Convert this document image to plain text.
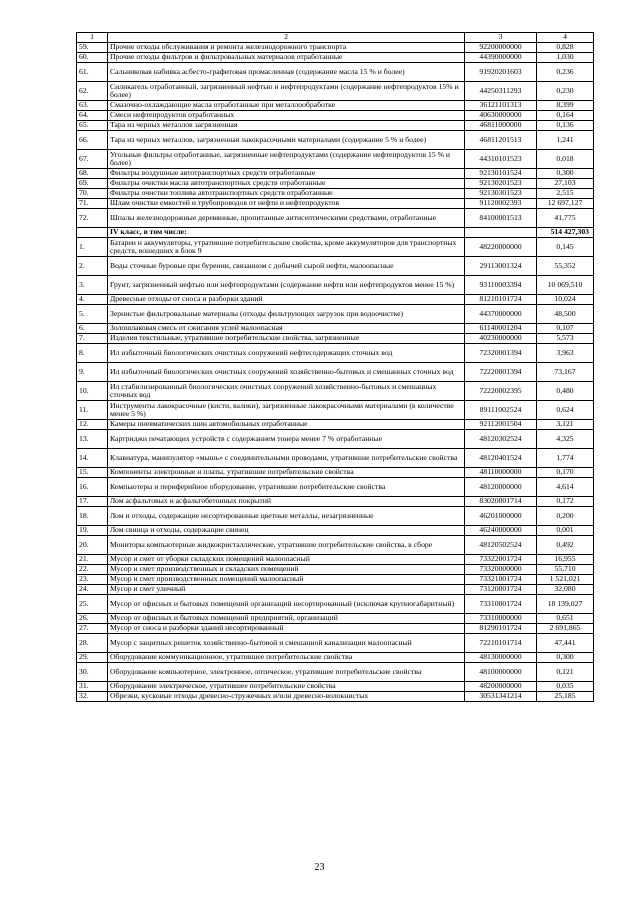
1	2	3	4
59.	Прочие отходы обслуживания и ремонта железнодорожного транспорта	92200000000	0,828
60.	Прочие отходы фильтров и фильтровальных материалов отработанные	44390000000	1,030
61.	Сальниковая набивка асбесто-графитовая промасленная (содержание масла 15 % и более)	91920201603	0,236
62.	Силикагель отработанный, загрязненный нефтью и нефтепродуктами (содержание нефтепродуктов 15% и более)	44250311293	0,230
63.	Смазочно-охлаждающие масла отработанные при металлообработке	36121101313	8,399
64.	Смеси нефтепродуктов отработанных	40630000000	0,164
65.	Тара из черных металлов загрязненная	46811000000	0,136
66.	Тара из черных металлов, загрязненная лакокрасочными материалами (содержание 5 % и более)	46811201513	1,241
67.	Угольные фильтры отработанные, загрязненные нефтепродуктами (содержание нефтепродуктов 15 % и более)	44310101523	0,018
68.	Фильтры воздушные автотранспортных средств отработанные	92130101524	0,300
69.	Фильтры очистки масла автотранспортных средств отработанные	92130201523	27,103
70.	Фильтры очистки топлива автотранспортных средств отработанные	92130301523	2,515
71.	Шлам очистки емкостей и трубопроводов от нефти и нефтепродуктов	91120002393	12 697,127
72.	Шпалы железнодорожные деревянные, пропитанные антисептическими средствами, отработанные	84100001513	41,775
	IV класс, в том числе:		514 427,303
1.	Батареи и аккумуляторы, утратившие потребительские свойства, кроме аккумуляторов для транспортных средств, вошедших в блок 9	48220000000	0,145
2.	Воды сточные буровые при бурении, связанном с добычей сырой нефти, малоопасные	29113001324	55,352
3.	Грунт, загрязненный нефтью или нефтепродуктами (содержание нефти или нефтепродуктов менее 15 %)	93110003394	10 069,510
4.	Древесные отходы от сноса и разборки зданий	81210101724	10,024
5.	Зернистые фильтровальные материалы (отходы фильтрующих загрузок при водоочистке)	44370000000	48,500
6.	Золошлаковая смесь от сжигания углей малоопасная	61140001204	0,107
7.	Изделия текстильные, утратившие потребительские свойства, загрязненные	40230000000	5,573
8.	Ил избыточный биологических очистных сооружений нефтесодержащих сточных вод	72320001394	3,963
9.	Ил избыточный биологических очистных сооружений хозяйственно-бытовых и смешанных сточных вод	72220001394	73,167
10.	Ил стабилизированный биологических очистных сооружений хозяйственно-бытовых и смешанных сточных вод	72220002395	0,480
11.	Инструменты лакокрасочные (кисти, валики), загрязненные лакокрасочными материалами (в количестве менее 5 %)	89111002524	0,624
12.	Камеры пневматических шин автомобильных отработанные	92112001504	3,121
13.	Картриджи печатающих устройств с содержанием тонера менее 7 % отработанные	48120302524	4,325
14.	Клавиатура, манипулятор «мышь» с соединительными проводами, утратившие потребительские свойства	48120401524	1,774
15.	Компоненты электронные и платы, утратившие потребительские свойства	48110000000	0,170
16.	Компьютеры и периферийное оборудование, утратившие потребительские свойства	48120000000	4,614
17.	Лом асфальтовых и асфальтобетонных покрытий	83020001714	0,172
18.	Лом и отходы, содержащие несортированные цветные металлы, незагрязненные	46201000000	0,200
19.	Лом свинца и отходы, содержащие свинец	46240000000	0,001
20.	Мониторы компьютерные жидкокристаллические, утратившие потребительские свойства, в сборе	48120502524	0,492
21.	Мусор и смет от уборки складских помещений малоопасный	73322001724	16,955
22.	Мусор и смет производственных и складских помещений	73320000000	55,710
23.	Мусор и смет производственных помещений малоопасный	73321001724	1 521,021
24.	Мусор и смет уличный	73120001724	32,080
25.	Мусор от офисных и бытовых помещений организаций несортированный (исключая крупногабаритный)	73310001724	18 139,027
26.	Мусор от офисных и бытовых помещений предприятий, организаций	73310000000	0,651
27.	Мусор от сноса и разборки зданий несортированный	81290101724	2 691,865
28.	Мусор с защитных решеток хозяйственно-бытовой и смешанной канализации малоопасный	72210101714	47,441
29.	Оборудование коммуникационное, утратившее потребительские свойства	48130000000	0,300
30.	Оборудование компьютерное, электронное, оптическое, утратившее потребительские свойства	48100000000	0,121
31.	Оборудование электрическое, утратившее потребительские свойства	48200000000	0,035
32.	Обрезки, кусковые отходы древесно-стружечных и/или древесно-волокнистых	30531341214	25,185
23
